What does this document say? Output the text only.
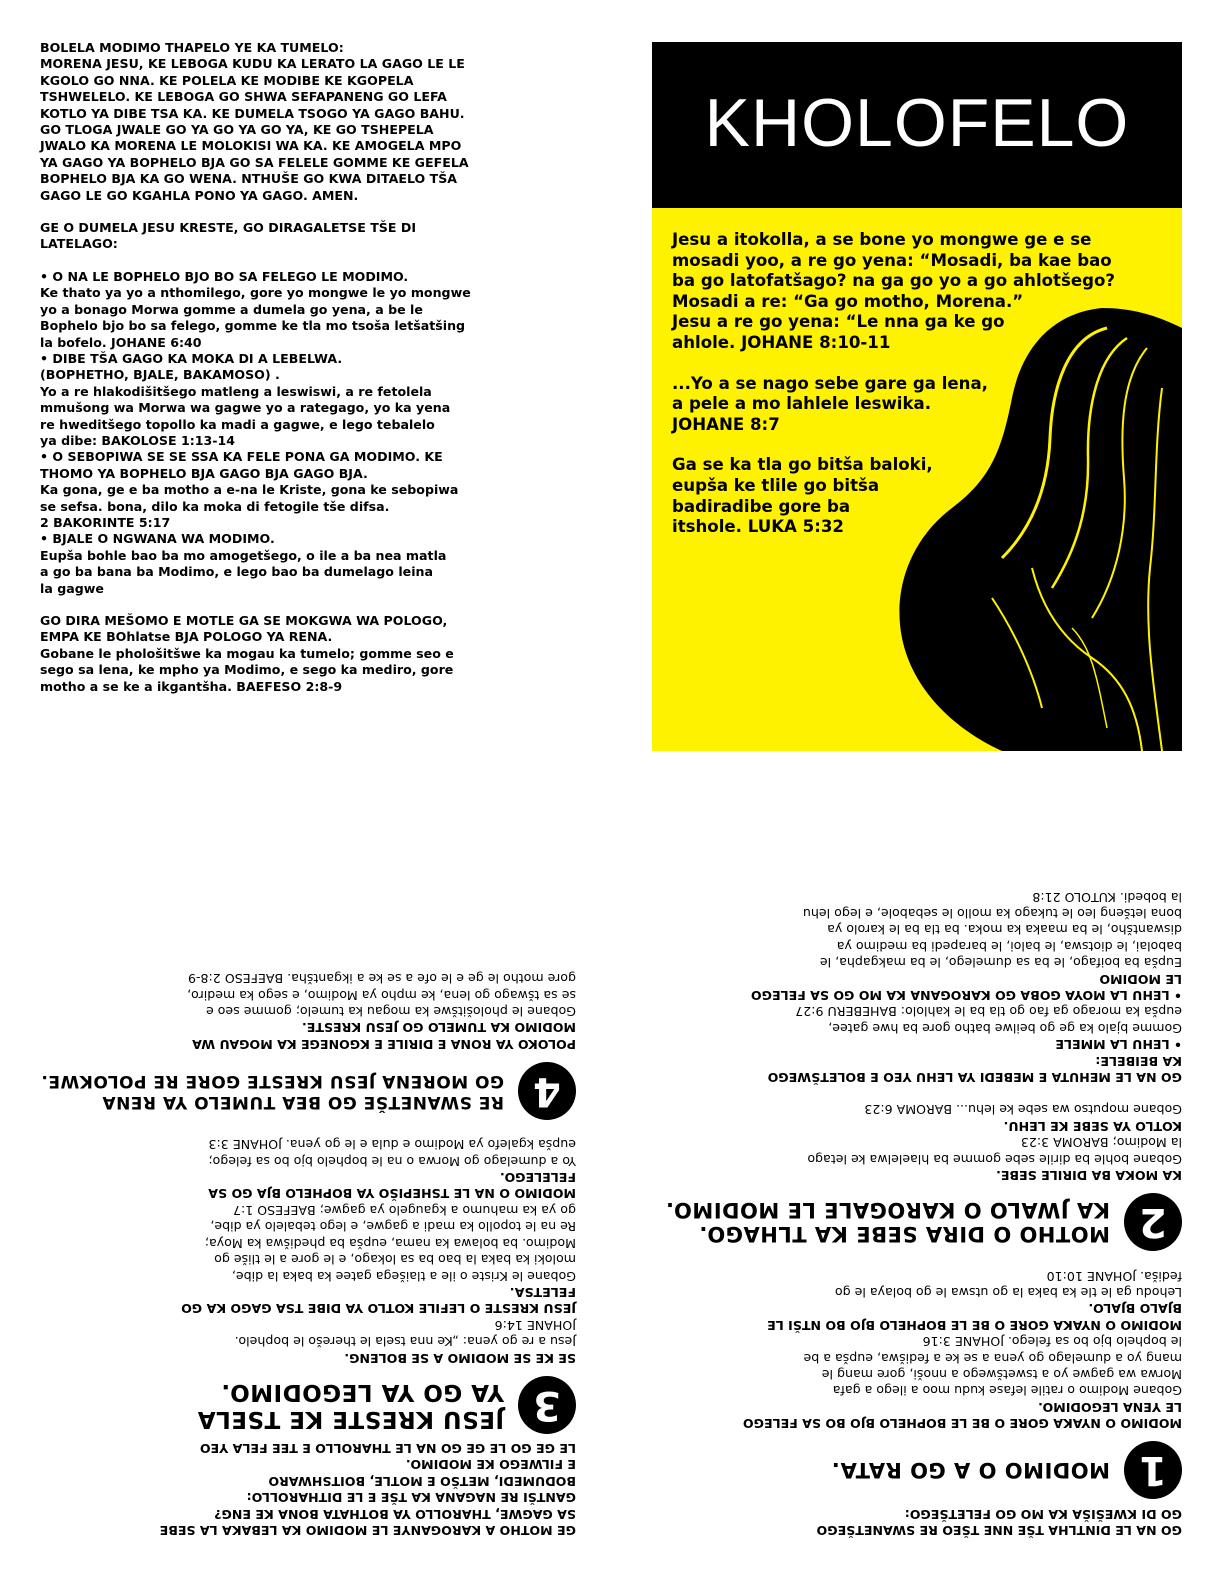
BOLELA MODIMO THAPELO YE KA TUMELO:
MORENA JESU, KE LEBOGA KUDU KA LERATO LA GAGO LE LE
KGOLO GO NNA. KE POLELA KE MODIBE KE KGOPELA
TSHWELELO. KE LEBOGA GO SHWA SEFAPANENG GO LEFA
KOTLO YA DIBE TSA KA. KE DUMELA TSOGO YA GAGO BAHU.
GO TLOGA JWALE GO YA GO YA GO YA, KE GO TSHEPELA
JWALO KA MORENA LE MOLOKISI WA KA. KE AMOGELA MPO
YA GAGO YA BOPHELO BJA GO SA FELELE GOMME KE GEFELA
BOPHELO BJA KA GO WENA. NTHUŠE GO KWA DITAELO TŠA
GAGO LE GO KGAHLA PONO YA GAGO. AMEN.

GE O DUMELA JESU KRESTE, GO DIRAGALETSE TŠE DI
LATELAGO:

• O NA LE BOPHELO BJO BO SA FELEGO LE MODIMO.

Ke thato ya yo a nthomilego, gore yo mongwe le yo mongwe
yo a bonago Morwa gomme a dumela go yena, a be le
Bophelo bjo bo sa felego, gomme ke tla mo tsoša letšatšing
la bofelo. JOHANE 6:40

• DIBE TŠA GAGO KA MOKA DI A LEBELWA.
(BOPHETHO, BJALE, BAKAMOSO) .

Yo a re hlakodišitšego matleng a leswiswi, a re fetolela
mmušong wa Morwa wa gagwe yo a rategago, yo ka yena
re hweditšego topollo ka madi a gagwe, e lego tebalelo
ya dibe: BAKOLOSE 1:13-14

• O SEBOPIWA SE SE SSA KA FELE PONA GA MODIMO. KE
THOMO YA BOPHELO BJA GAGO BJA GAGO BJA.

Ka gona, ge e ba motho a e-na le Kriste, gona ke sebopiwa
se sefsa. bona, dilo ka moka di fetogile tše difsa.
2 BAKORINTE 5:17

• BJALE O NGWANA WA MODIMO.

Eupša bohle bao ba mo amogetšego, o ile a ba nea matla
a go ba bana ba Modimo, e lego bao ba dumelago leina
la gagwe

GO DIRA MEŠOMO E MOTLE GA SE MOKGWA WA POLOGO,
EMPA KE BOhlatse BJA POLOGO YA RENA.

Gobane le phološitšwe ka mogau ka tumelo; gomme seo e
sego sa lena, ke mpho ya Modimo, e sego ka mediro, gore
motho a se ke a ikgantšha. BAEFESO 2:8-9

KHOLOFELO

Jesu a itokolla, a se bone yo mongwe ge e se
mosadi yoo, a re go yena: “Mosadi, ba kae bao
ba go latofatšago? na ga go yo a go ahlotšego?
Mosadi a re: “Ga go motho, Morena.”
Jesu a re go yena: “Le nna ga ke go
ahlole. JOHANE 8:10-11

...Yo a se nago sebe gare ga lena,
a pele a mo lahlele leswika.
JOHANE 8:7

Ga se ka tla go bitša baloki,
eupša ke tlile go bitša
badiradibe gore ba
itshole. LUKA 5:32

GO NA LE DINTLHA TŠE NNE TŠEO RE SWANETŠEGO
GO DI KWEŠIŠA KA MO GO FELETŠEGO:

1
MODIMO O A GO RATA.

MODIMO O NYAKA GORE O BE LE BOPHELO BJO BO SA FELEGO
LE YENA LEGODIMO.

Gobane Modimo o ratile lefase kudu moo a ilego a gafa
Morwa wa gagwe yo a tswetšwego a nnoši, gore mang le
mang yo a dumelago go yena a se ke a fedišwa, eupša a be
le bophelo bjo bo sa felego. JOHANE 3:16

MODIMO O NYAKA GORE O BE LE BOPHELO BJO BO NTŠI LE
BJALO BJALO.

Lehodu ga le tle ka baka la go utswa le go bolaya le go
fediša. JOHANE 10:10

2
MOTHO O DIRA SEBE KA TLHAGO.
KA JWALO O KAROGALE LE MODIMO.

KA MOKA BA DIRILE SEBE.

Gobane bohle ba dirile sebe gomme ba hlaelelwa ke letago
la Modimo; BAROMA 3:23

KOTLO YA SEBE KE LEHU.

Gobane moputso wa sebe ke lehu... BAROMA 6:23

GO NA LE MEHUTA E MEBEDI YA LEHU YEO E BOLETŠWEGO
KA BEIBELE:

• LEHU LA MMELE

Gomme bjalo ka ge go beilwe batho gore ba hwe gatee,
eupša ka morago ga fao go tla ba le kahlolo: BAHEBERU 9:27

• LEHU LA MOYA GOBA GO KAROGANA KA MO GO SA FELEGO
LE MODIMO

Eupša ba boifago, le ba sa dumelego, le ba makgapha, le
babolai, le diotswa, le baloi, le barapedi ba medimo ya
diswantšho, le ba maaka ka moka. ba tla ba le karolo ya
bona letšeng leo le tukago ka mollo le sebabole, e lego lehu
la bobedi. KUTOLO 21:8

GE MOTHO A KAROGANYE LE MODIMO KA LEBAKA LA SEBE
SA GAGWE, THAROLLO YA BOTHATA BONA KE ENG?
GANTŠI RE NAGANA KA TŠE E LE DITHAROLLO:
BODUMEDI, METŠO E MOTLE, BOITSHWARO
E FILWEGO KE MODIMO.

LE GE GO LE GE GO NA LE THAROLLO E TEE FELA YEO

3
JESU KRESTE KE TSELA
YA GO YA LEGODIMO.

SE KE SE MODIMO A SE BOLENG.

Jesu a re go yena: „Ke nna tsela le therešo le bophelo.
JOHANE 14:6

JESU KRESTE O LEFILE KOTLO YA DIBE TSA GAGO KA GO
FELETSA.

Gobane le Kriste o ile a tlaišega gatee ka baka la dibe,
moloki ka baka la bao ba sa lokago, e le gore a le tliše go
Modimo. ba bolawa ka nama, eupša ba phedišwa ka Moya;
Re na le topollo ka madi a gagwe, e lego tebalelo ya dibe,
go ya ka mahumo a kgaugelo ya gagwe; BAEFESO 1:7

MODIMO O NA LE TSHEPIŠO YA BOPHELO BJA GO SA
FELELEGO.

Yo a dumelago go Morwa o na le bophelo bjo bo sa felego;
eupša kgalefo ya Modimo e dula e le go yena. JOHANE 3:3

4
RE SWANETŠE GO BEA TUMELO YA RENA
GO MORENA JESU KRESTE GORE RE POLOKWE.

POLOKO YA RONA E DIRILE E KGONEGE KA MOGAU WA
MODIMO KA TUMELO GO JESU KRESTE.

Gobane le phološitšwe ka mogau ka tumelo; gomme seo e
se sa tšwago go lena, ke mpho ya Modimo, e sego ka mediro,
gore motho le ge e le ofe a se ke a ikgantšha. BAEFESO 2:8-9
